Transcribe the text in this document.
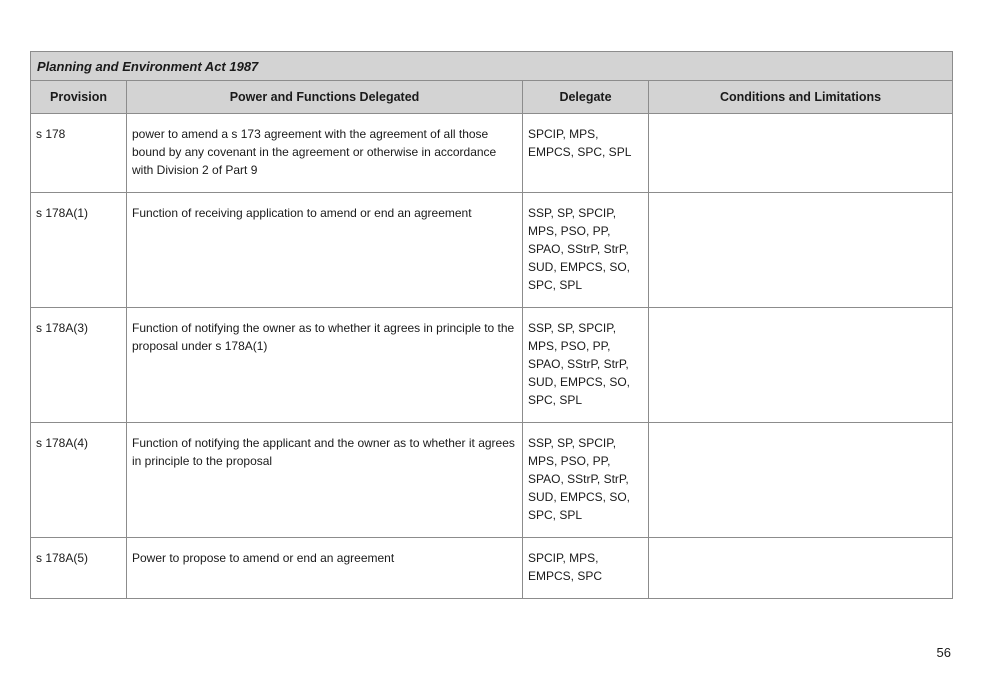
Planning and Environment Act 1987			
Provision	Power and Functions Delegated	Delegate	Conditions and Limitations
s 178	power to amend a s 173 agreement with the agreement of all those bound by any covenant in the agreement or otherwise in accordance with Division 2 of Part 9	SPCIP, MPS, EMPCS, SPC, SPL	
s 178A(1)	Function of receiving application to amend or end an agreement	SSP, SP, SPCIP, MPS, PSO, PP, SPAO, SStrP, StrP, SUD, EMPCS, SO, SPC, SPL	
s 178A(3)	Function of notifying the owner as to whether it agrees in principle to the proposal under s 178A(1)	SSP, SP, SPCIP, MPS, PSO, PP, SPAO, SStrP, StrP, SUD, EMPCS, SO, SPC, SPL	
s 178A(4)	Function of notifying the applicant and the owner as to whether it agrees in principle to the proposal	SSP, SP, SPCIP, MPS, PSO, PP, SPAO, SStrP, StrP, SUD, EMPCS, SO, SPC, SPL	
s 178A(5)	Power to propose to amend or end an agreement	SPCIP, MPS, EMPCS, SPC	
56
